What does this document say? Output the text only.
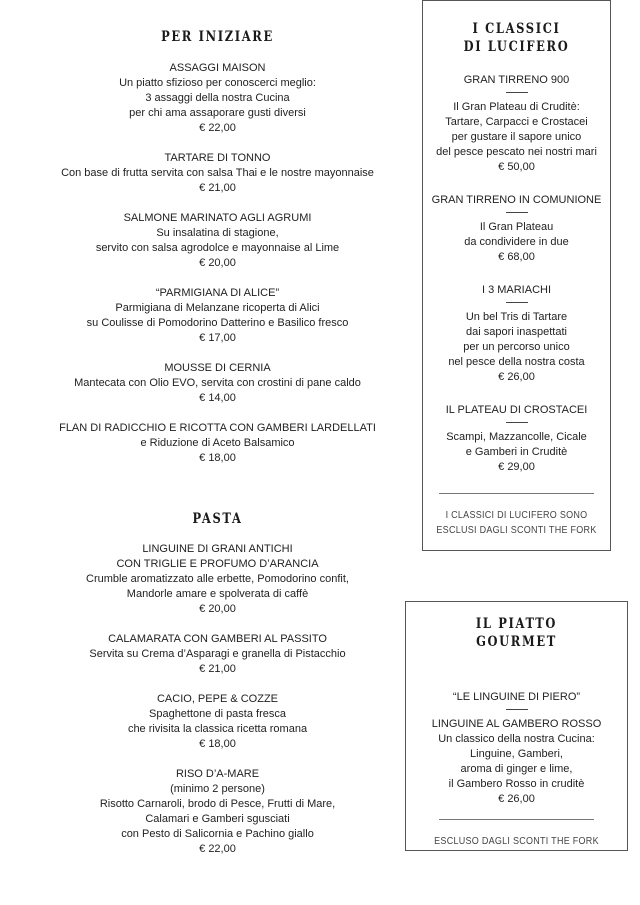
PER INIZIARE
ASSAGGI MAISON
Un piatto sfizioso per conoscerci meglio:
3 assaggi della nostra Cucina
per chi ama assaporare gusti diversi
€ 22,00
TARTARE DI TONNO
Con base di frutta servita con salsa Thai e le nostre mayonnaise
€ 21,00
SALMONE MARINATO AGLI AGRUMI
Su insalatina di stagione,
servito con salsa agrodolce e mayonnaise al Lime
€ 20,00
“PARMIGIANA DI ALICE”
Parmigiana di Melanzane ricoperta di Alici
su Coulisse di Pomodorino Datterino e Basilico fresco
€ 17,00
MOUSSE DI CERNIA
Mantecata con Olio EVO, servita con crostini di pane caldo
€ 14,00
FLAN DI RADICCHIO E RICOTTA CON GAMBERI LARDELLATI
e Riduzione di Aceto Balsamico
€ 18,00
PASTA
LINGUINE DI GRANI ANTICHI
CON TRIGLIE E PROFUMO D’ARANCIA
Crumble aromatizzato alle erbette, Pomodorino confit,
Mandorle amare e spolverata di caffè
€ 20,00
CALAMARATA CON GAMBERI AL PASSITO
Servita su Crema d’Asparagi e granella di Pistacchio
€ 21,00
CACIO, PEPE & COZZE
Spaghettone di pasta fresca
che rivisita la classica ricetta romana
€ 18,00
RISO D’A-MARE
(minimo 2 persone)
Risotto Carnaroli, brodo di Pesce, Frutti di Mare,
Calamari e Gamberi sgusciati
con Pesto di Salicornia e Pachino giallo
€ 22,00
I CLASSICI
DI LUCIFERO
GRAN TIRRENO 900
Il Gran Plateau di Cruditè:
Tartare, Carpacci e Crostacei
per gustare il sapore unico
del pesce pescato nei nostri mari
€ 50,00
GRAN TIRRENO IN COMUNIONE
Il Gran Plateau
da condividere in due
€ 68,00
I 3 MARIACHI
Un bel Tris di Tartare
dai sapori inaspettati
per un percorso unico
nel pesce della nostra costa
€ 26,00
IL PLATEAU DI CROSTACEI
Scampi, Mazzancolle, Cicale
e Gamberi in Cruditè
€ 29,00
I CLASSICI DI LUCIFERO SONO
ESCLUSI DAGLI SCONTI THE FORK
IL PIATTO
GOURMET
“LE LINGUINE DI PIERO”
LINGUINE AL GAMBERO ROSSO
Un classico della nostra Cucina:
Linguine, Gamberi,
aroma di ginger e lime,
il Gambero Rosso in cruditè
€ 26,00
ESCLUSO DAGLI SCONTI THE FORK
